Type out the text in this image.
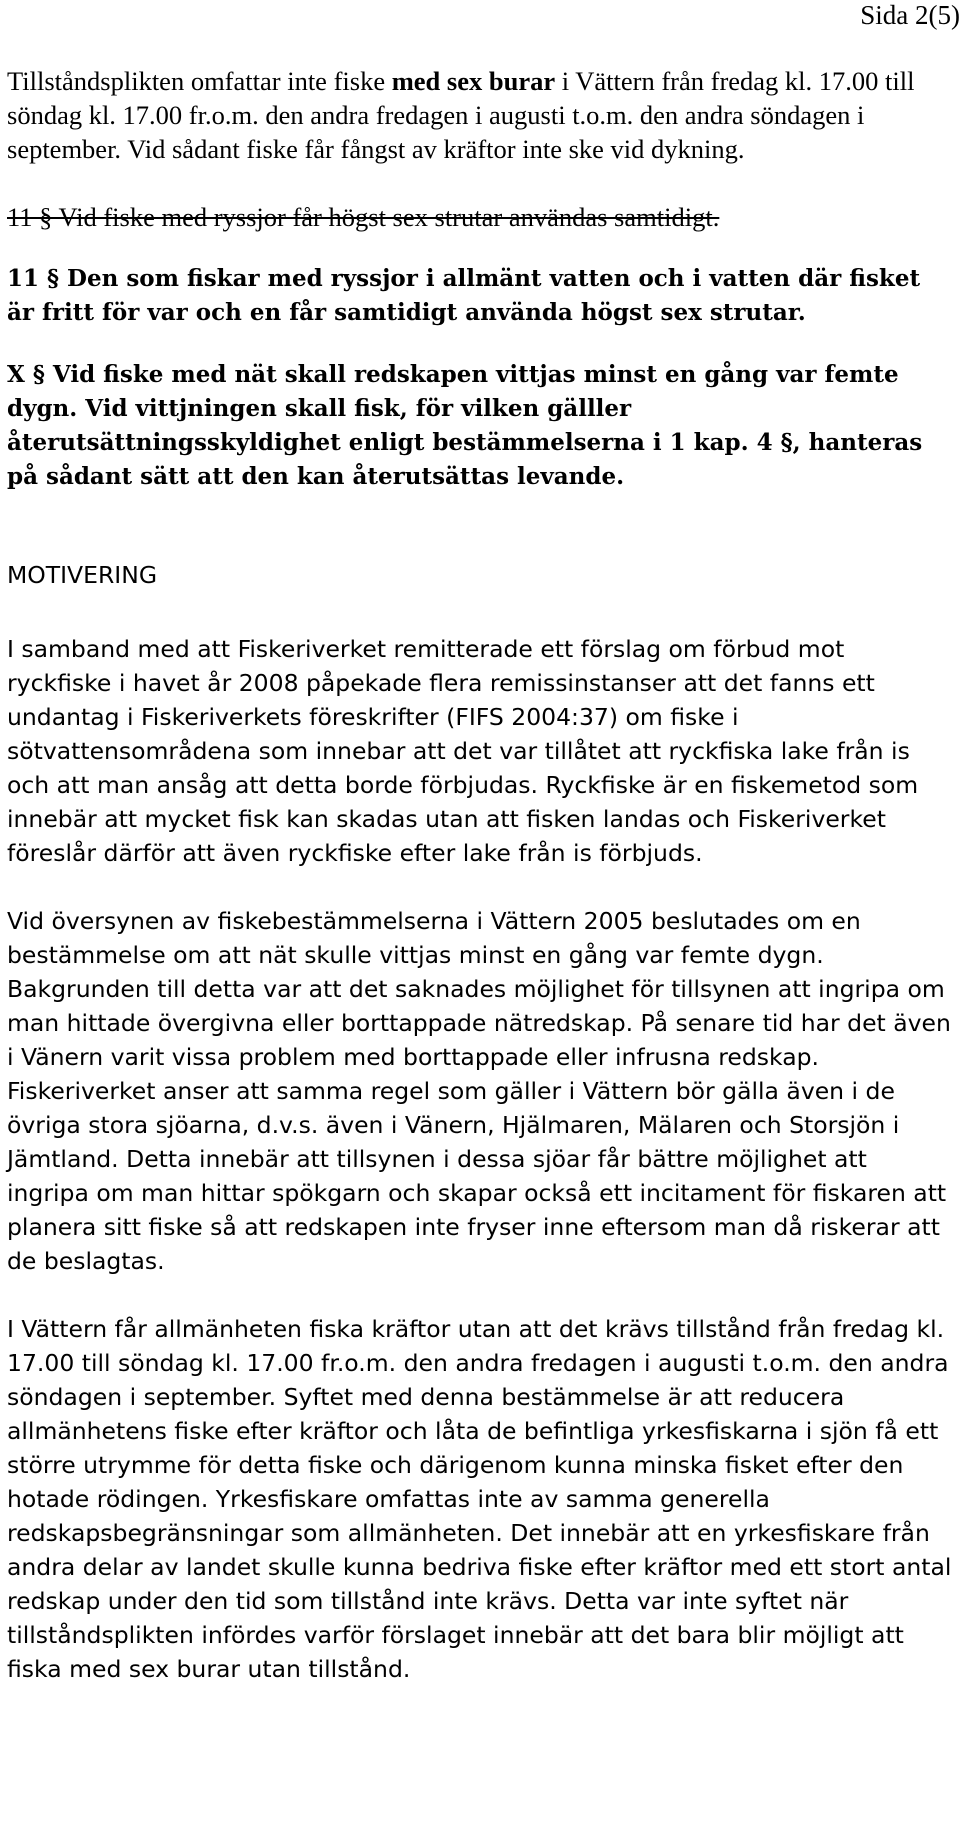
Sida 2(5)

Tillståndsplikten omfattar inte fiske med sex burar i Vättern från fredag kl. 17.00 till söndag kl. 17.00 fr.o.m. den andra fredagen i augusti t.o.m. den andra söndagen i september. Vid sådant fiske får fångst av kräftor inte ske vid dykning.

11 § Vid fiske med ryssjor får högst sex strutar användas samtidigt.

11 § Den som fiskar med ryssjor i allmänt vatten och i vatten där fisket är fritt för var och en får samtidigt använda högst sex strutar.

X § Vid fiske med nät skall redskapen vittjas minst en gång var femte dygn. Vid vittjningen skall fisk, för vilken gälller återutsättningsskyldighet enligt bestämmelserna i 1 kap. 4 §, hanteras på sådant sätt att den kan återutsättas levande.

MOTIVERING

I samband med att Fiskeriverket remitterade ett förslag om förbud mot ryckfiske i havet år 2008 påpekade flera remissinstanser att det fanns ett undantag i Fiskeriverkets föreskrifter (FIFS 2004:37) om fiske i sötvattensområdena som innebar att det var tillåtet att ryckfiska lake från is och att man ansåg att detta borde förbjudas. Ryckfiske är en fiskemetod som innebär att mycket fisk kan skadas utan att fisken landas och Fiskeriverket föreslår därför att även ryckfiske efter lake från is förbjuds.

Vid översynen av fiskebestämmelserna i Vättern 2005 beslutades om en bestämmelse om att nät skulle vittjas minst en gång var femte dygn. Bakgrunden till detta var att det saknades möjlighet för tillsynen att ingripa om man hittade övergivna eller borttappade nätredskap. På senare tid har det även i Vänern varit vissa problem med borttappade eller infrusna redskap. Fiskeriverket anser att samma regel som gäller i Vättern bör gälla även i de övriga stora sjöarna, d.v.s. även i Vänern, Hjälmaren, Mälaren och Storsjön i Jämtland. Detta innebär att tillsynen i dessa sjöar får bättre möjlighet att ingripa om man hittar spökgarn och skapar också ett incitament för fiskaren att planera sitt fiske så att redskapen inte fryser inne eftersom man då riskerar att de beslagtas.

I Vättern får allmänheten fiska kräftor utan att det krävs tillstånd från fredag kl. 17.00 till söndag kl. 17.00 fr.o.m. den andra fredagen i augusti t.o.m. den andra söndagen i september. Syftet med denna bestämmelse är att reducera allmänhetens fiske efter kräftor och låta de befintliga yrkesfiskarna i sjön få ett större utrymme för detta fiske och därigenom kunna minska fisket efter den hotade rödingen. Yrkesfiskare omfattas inte av samma generella redskapsbegränsningar som allmänheten. Det innebär att en yrkesfiskare från andra delar av landet skulle kunna bedriva fiske efter kräftor med ett stort antal redskap under den tid som tillstånd inte krävs. Detta var inte syftet när tillståndsplikten infördes varför förslaget innebär att det bara blir möjligt att fiska med sex burar utan tillstånd.
